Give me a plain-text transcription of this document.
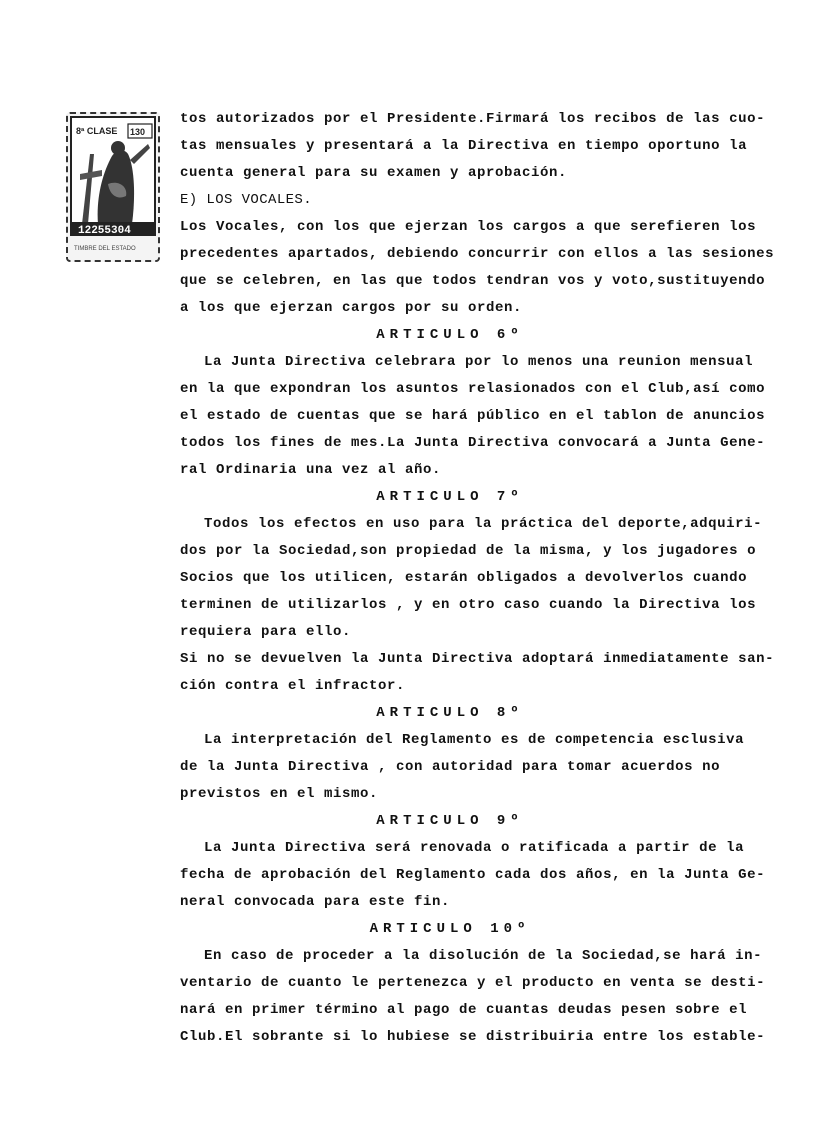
8ª CLASE 130
12255304
TIMBRE DEL ESTADO
tos autorizados por el Presidente.Firmará los recibos de las cuo-
tas mensuales y presentará a la Directiva en tiempo oportuno la
cuenta general para su examen y aprobación.
E) LOS VOCALES.
Los Vocales, con los que ejerzan los cargos a que serefieren los
precedentes apartados, debiendo concurrir con ellos a las sesiones
que se celebren, en las que todos tendran vos y voto,sustituyendo
a los que ejerzan cargos por su orden.
ARTICULO 6º
La Junta Directiva celebrara por lo menos una reunion mensual
en la que expondran los asuntos relasionados con el Club,así como
el estado de cuentas que se hará público en el tablon de anuncios
todos los fines de mes.La Junta Directiva convocará a Junta Gene-
ral Ordinaria una vez al año.
ARTICULO 7º
Todos los efectos en uso para la práctica del deporte,adquiri-
dos por la Sociedad,son propiedad de la misma, y los jugadores o
Socios que los utilicen, estarán obligados a devolverlos cuando
terminen de utilizarlos , y en otro caso cuando la Directiva los
requiera para ello.
Si no se devuelven la Junta Directiva adoptará inmediatamente san-
ción contra el infractor.
ARTICULO 8º
La interpretación del Reglamento es de competencia esclusiva
de la Junta Directiva , con autoridad para tomar acuerdos no
previstos en el mismo.
ARTICULO 9º
La Junta Directiva será renovada o ratificada a partir de la
fecha de aprobación del Reglamento cada dos años, en la Junta Ge-
neral convocada para este fin.
ARTICULO 10º
En caso de proceder a la disolución de la Sociedad,se hará in-
ventario de cuanto le pertenezca y el producto en venta se desti-
nará en primer término al pago de cuantas deudas pesen sobre el
Club.El sobrante si lo hubiese se distribuiria entre los estable-
